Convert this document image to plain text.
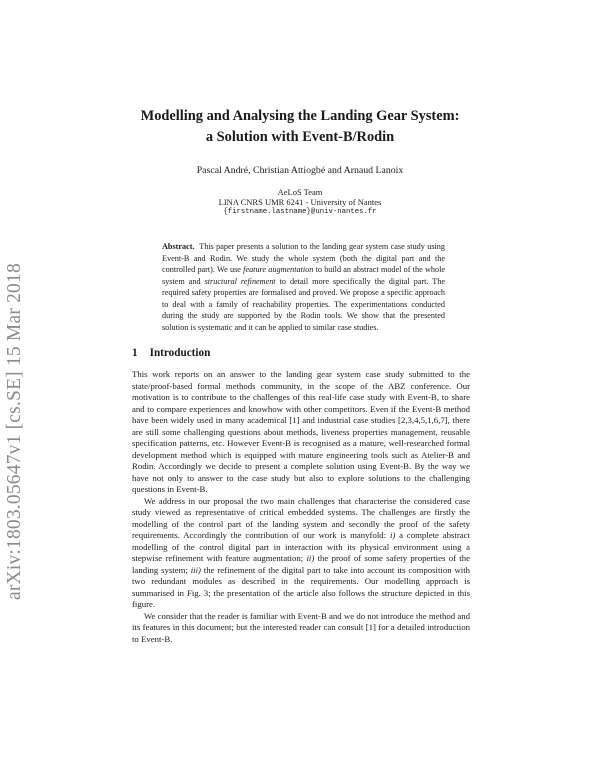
arXiv:1803.05647v1 [cs.SE] 15 Mar 2018
Modelling and Analysing the Landing Gear System:
a Solution with Event-B/Rodin
Pascal André, Christian Attiogbé and Arnaud Lanoix
AeLoS Team
LINA CNRS UMR 6241 - University of Nantes
{firstname.lastname}@univ-nantes.fr
Abstract. This paper presents a solution to the landing gear system case study using Event-B and Rodin. We study the whole system (both the digital part and the controlled part). We use feature augmentation to build an abstract model of the whole system and structural refinement to detail more specifically the digital part. The required safety properties are formalised and proved. We propose a specific approach to deal with a family of reachability properties. The experimentations conducted during the study are supported by the Rodin tools. We show that the presented solution is systematic and it can be applied to similar case studies.
1 Introduction

This work reports on an answer to the landing gear system case study submitted to the state/proof-based formal methods community, in the scope of the ABZ conference. Our motivation is to contribute to the challenges of this real-life case study with Event-B, to share and to compare experiences and knowhow with other competitors. Even if the Event-B method have been widely used in many academical [1] and industrial case studies [2,3,4,5,1,6,7], there are still some challenging questions about methods, liveness properties management, reusable specification patterns, etc. However Event-B is recognised as a mature, well-researched formal development method which is equipped with mature engineering tools such as Atelier-B and Rodin. Accordingly we decide to present a complete solution using Event-B. By the way we have not only to answer to the case study but also to explore solutions to the challenging questions in Event-B.

We address in our proposal the two main challenges that characterise the considered case study viewed as representative of critical embedded systems. The challenges are firstly the modelling of the control part of the landing system and secondly the proof of the safety requirements. Accordingly the contribution of our work is manyfold: i) a complete abstract modelling of the control digital part in interaction with its physical environment using a stepwise refinement with feature augmentation; ii) the proof of some safety properties of the landing system; iii) the refinement of the digital part to take into account its composition with two redundant modules as described in the requirements. Our modelling approach is summarised in Fig. 3; the presentation of the article also follows the structure depicted in this figure.

We consider that the reader is familiar with Event-B and we do not introduce the method and its features in this document; but the interested reader can consult [1] for a detailed introduction to Event-B.
